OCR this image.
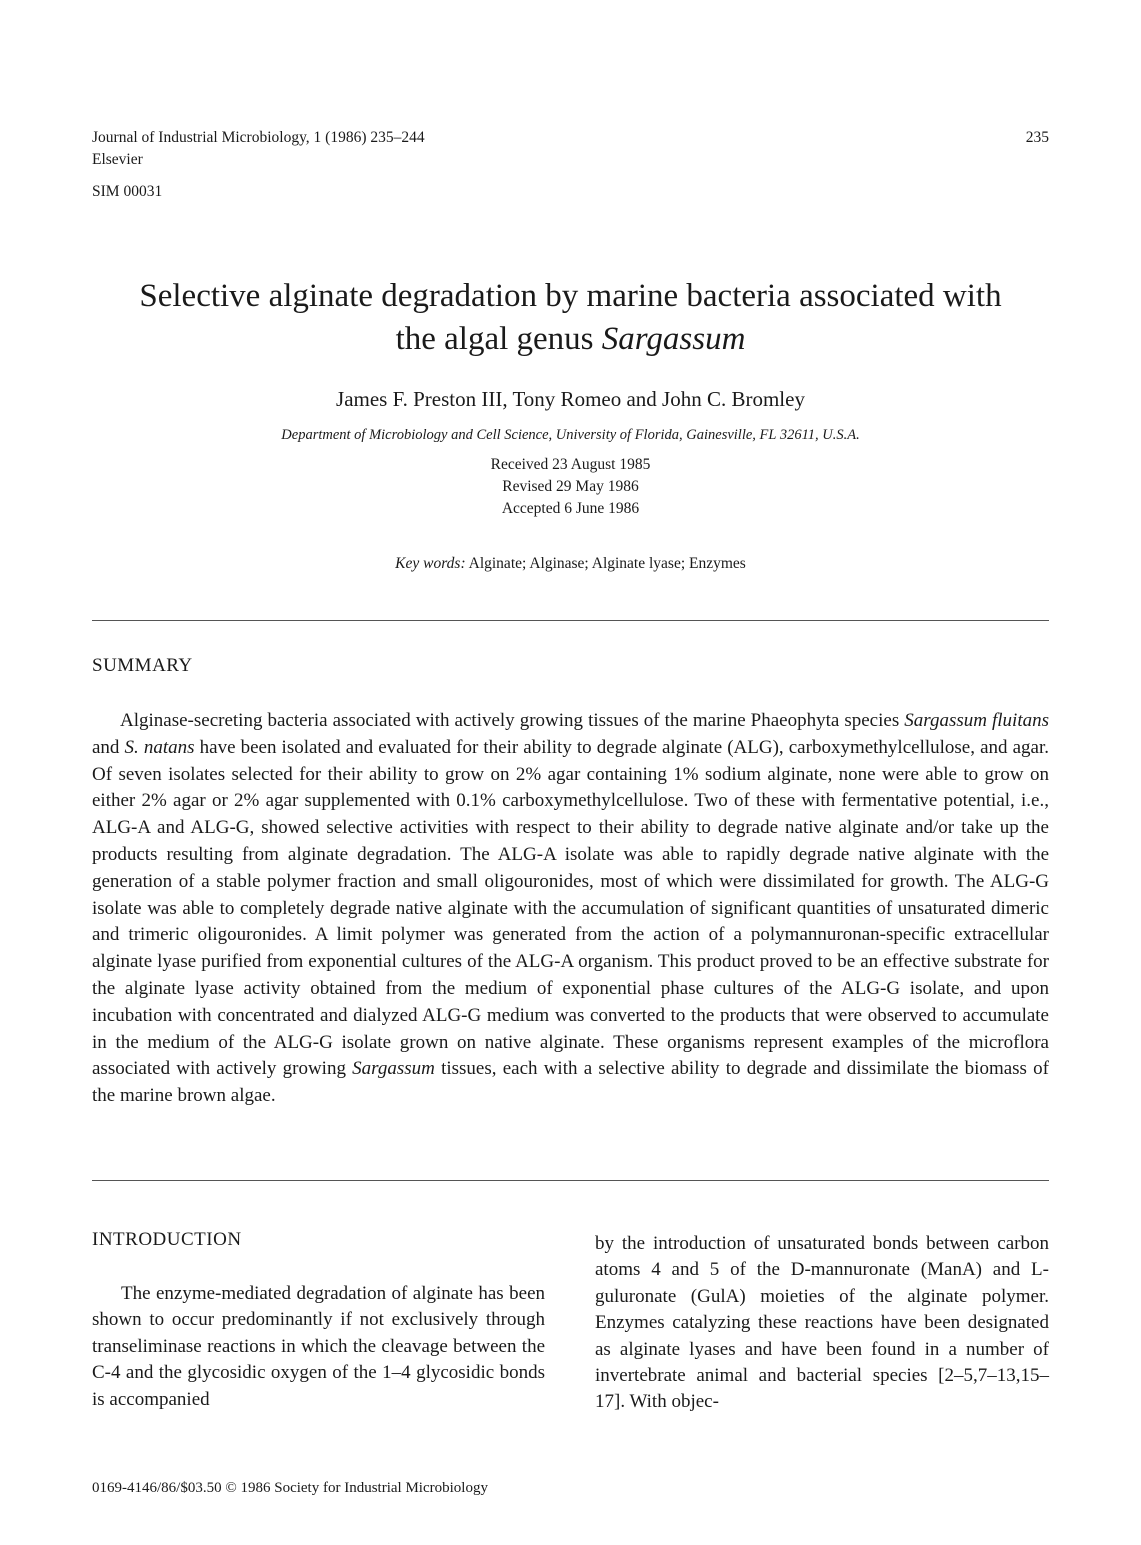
Journal of Industrial Microbiology, 1 (1986) 235–244
Elsevier
SIM 00031
235
Selective alginate degradation by marine bacteria associated with
the algal genus Sargassum
James F. Preston III, Tony Romeo and John C. Bromley
Department of Microbiology and Cell Science, University of Florida, Gainesville, FL 32611, U.S.A.
Received 23 August 1985
Revised 29 May 1986
Accepted 6 June 1986
Key words: Alginate; Alginase; Alginate lyase; Enzymes
SUMMARY

Alginase-secreting bacteria associated with actively growing tissues of the marine Phaeophyta species Sargassum fluitans and S. natans have been isolated and evaluated for their ability to degrade alginate (ALG), carboxymethylcellulose, and agar. Of seven isolates selected for their ability to grow on 2% agar containing 1% sodium alginate, none were able to grow on either 2% agar or 2% agar supplemented with 0.1% carboxymethylcellulose. Two of these with fermentative potential, i.e., ALG-A and ALG-G, showed selective activities with respect to their ability to degrade native alginate and/or take up the products resulting from alginate degradation. The ALG-A isolate was able to rapidly degrade native alginate with the generation of a stable polymer fraction and small oligouronides, most of which were dissimilated for growth. The ALG-G isolate was able to completely degrade native alginate with the accumulation of significant quantities of unsaturated dimeric and trimeric oligouronides. A limit polymer was generated from the action of a polymannuronan-specific extracellular alginate lyase purified from exponential cultures of the ALG-A organism. This product proved to be an effective substrate for the alginate lyase activity obtained from the medium of exponential phase cultures of the ALG-G isolate, and upon incubation with concentrated and dialyzed ALG-G medium was converted to the products that were observed to accumulate in the medium of the ALG-G isolate grown on native alginate. These organisms represent examples of the microflora associated with actively growing Sargassum tissues, each with a selective ability to degrade and dissimilate the biomass of the marine brown algae.

INTRODUCTION

The enzyme-mediated degradation of alginate has been shown to occur predominantly if not exclusively through transeliminase reactions in which the cleavage between the C-4 and the glycosidic oxygen of the 1–4 glycosidic bonds is accompanied

by the introduction of unsaturated bonds between carbon atoms 4 and 5 of the D-mannuronate (ManA) and L-guluronate (GulA) moieties of the alginate polymer. Enzymes catalyzing these reactions have been designated as alginate lyases and have been found in a number of invertebrate animal and bacterial species [2–5,7–13,15–17]. With objec-

0169-4146/86/$03.50 © 1986 Society for Industrial Microbiology
